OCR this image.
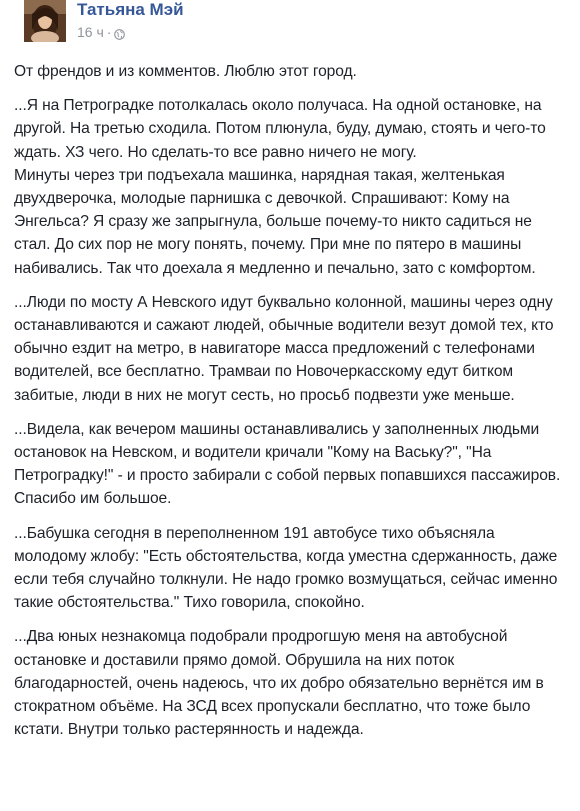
Татьяна Мэй
16 ч ·

От френдов и из комментов. Люблю этот город.

...Я на Петроградке потолкалась около получаса. На одной остановке, на другой. На третью сходила. Потом плюнула, буду, думаю, стоять и чего-то ждать. ХЗ чего. Но сделать-то все равно ничего не могу.
Минуты через три подъехала машинка, нарядная такая, желтенькая двухдверочка, молодые парнишка с девочкой. Спрашивают: Кому на Энгельса? Я сразу же запрыгнула, больше почему-то никто садиться не стал. До сих пор не могу понять, почему. При мне по пятеро в машины набивались. Так что доехала я медленно и печально, зато с комфортом.

...Люди по мосту А Невского идут буквально колонной, машины через одну останавливаются и сажают людей, обычные водители везут домой тех, кто обычно ездит на метро, в навигаторе масса предложений с телефонами водителей, все бесплатно. Трамваи по Новочеркасскому едут битком забитые, люди в них не могут сесть, но просьб подвезти уже меньше.

...Видела, как вечером машины останавливались у заполненных людьми остановок на Невском, и водители кричали "Кому на Ваську?", "На Петроградку!" - и просто забирали с собой первых попавшихся пассажиров. Спасибо им большое.

...Бабушка сегодня в переполненном 191 автобусе тихо объясняла молодому жлобу: "Есть обстоятельства, когда уместна сдержанность, даже если тебя случайно толкнули. Не надо громко возмущаться, сейчас именно такие обстоятельства." Тихо говорила, спокойно.

...Два юных незнакомца подобрали продрогшую меня на автобусной остановке и доставили прямо домой. Обрушила на них поток благодарностей, очень надеюсь, что их добро обязательно вернётся им в стократном объёме. На ЗСД всех пропускали бесплатно, что тоже было кстати. Внутри только растерянность и надежда.
